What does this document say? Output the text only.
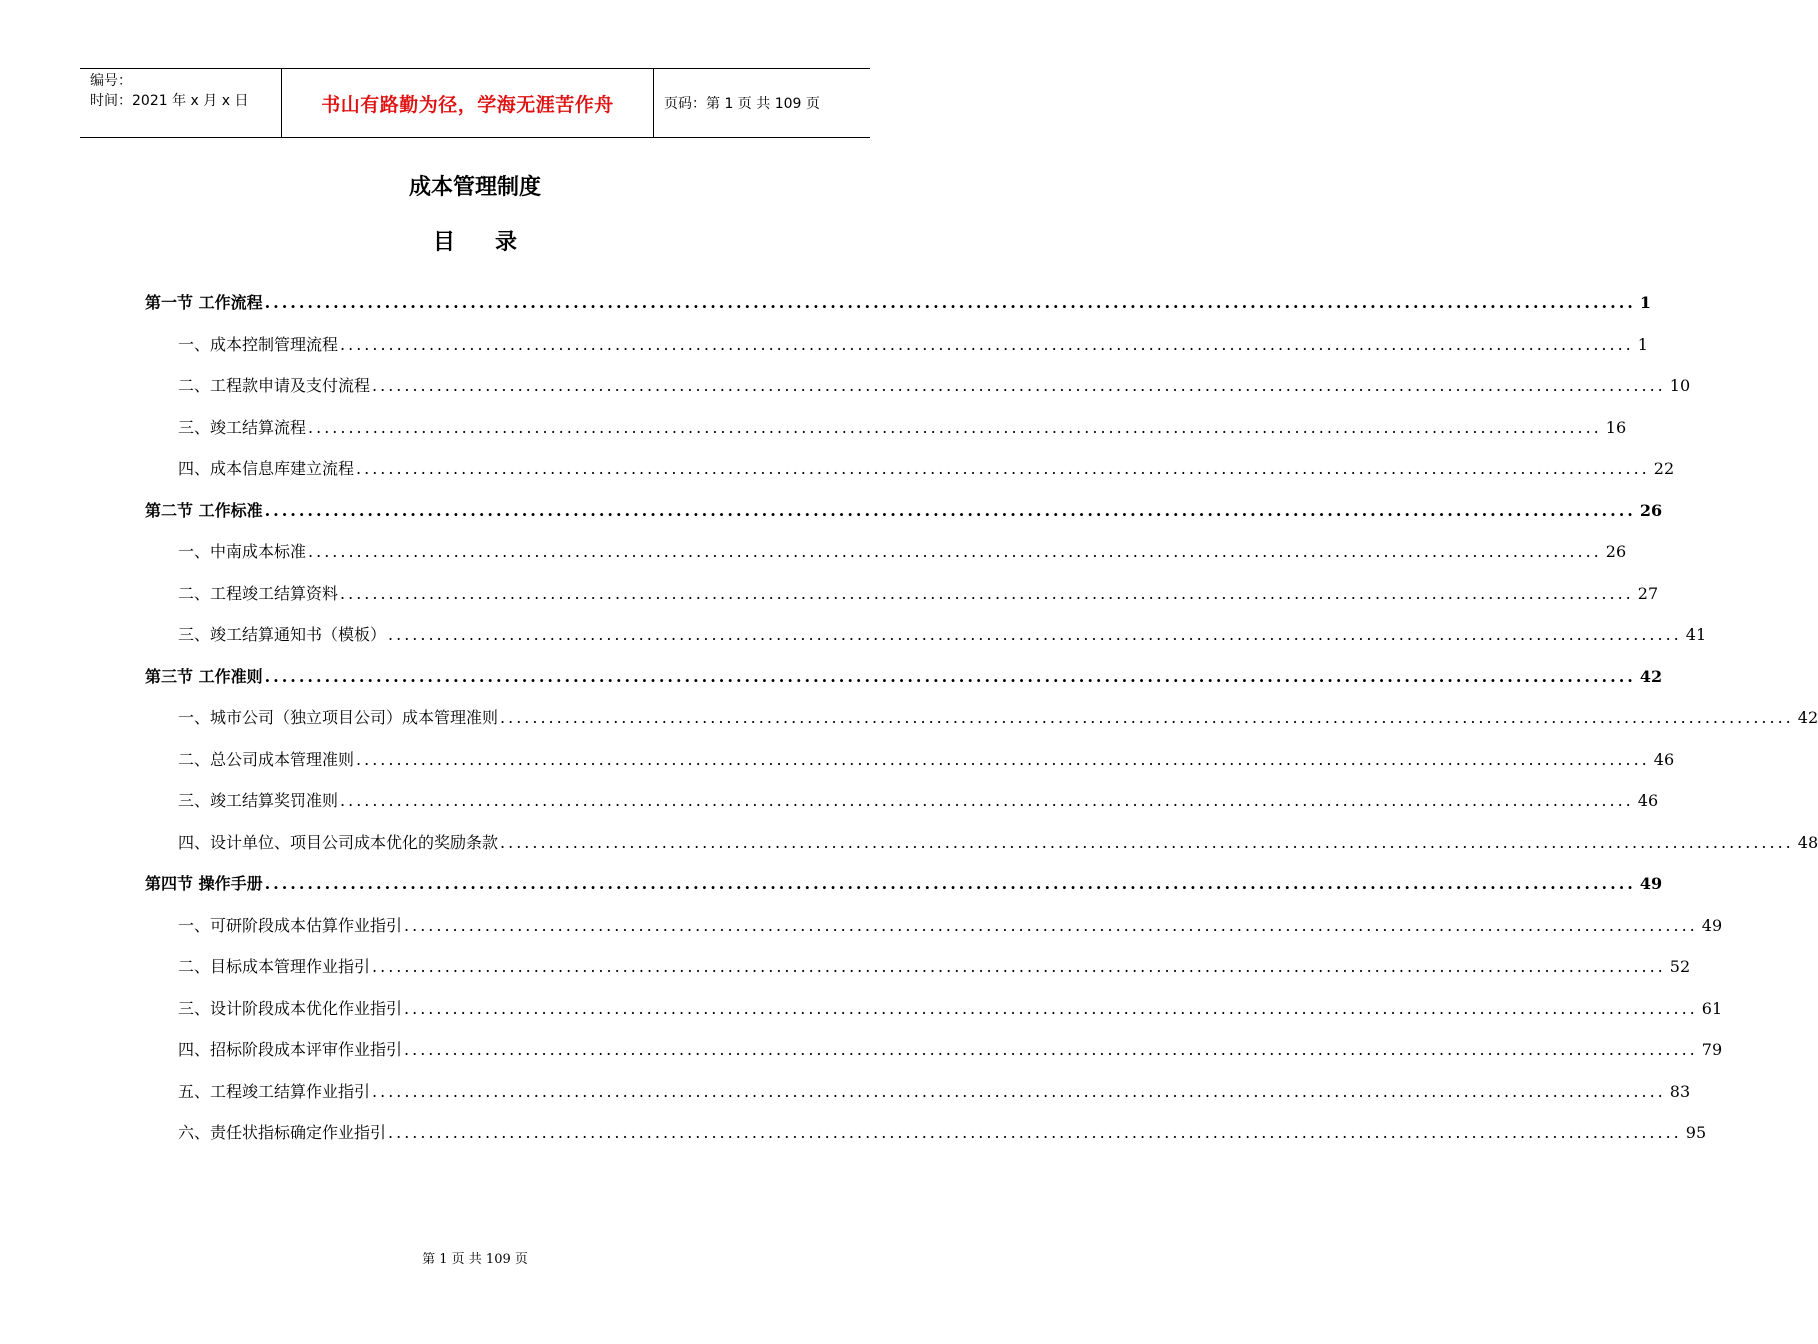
编号：
时间：2021 年 x 月 x 日	书山有路勤为径，学海无涯苦作舟	页码：第 1 页 共 109 页
成本管理制度
目录
第一节 工作流程 ................................................................................................................................................................ 1
一、成本控制管理流程 ................................................................................................................................................................ 1
二、工程款申请及支付流程 ................................................................................................................................................................ 10
三、竣工结算流程 ................................................................................................................................................................ 16
四、成本信息库建立流程 ................................................................................................................................................................ 22
第二节 工作标准 ................................................................................................................................................................ 26
一、中南成本标准 ................................................................................................................................................................ 26
二、工程竣工结算资料 ................................................................................................................................................................ 27
三、竣工结算通知书（模板） ................................................................................................................................................................ 41
第三节 工作准则 ................................................................................................................................................................ 42
一、城市公司（独立项目公司）成本管理准则 ................................................................................................................................................................ 42
二、总公司成本管理准则 ................................................................................................................................................................ 46
三、竣工结算奖罚准则 ................................................................................................................................................................ 46
四、设计单位、项目公司成本优化的奖励条款 ................................................................................................................................................................ 48
第四节 操作手册 ................................................................................................................................................................ 49
一、可研阶段成本估算作业指引 ................................................................................................................................................................ 49
二、目标成本管理作业指引 ................................................................................................................................................................ 52
三、设计阶段成本优化作业指引 ................................................................................................................................................................ 61
四、招标阶段成本评审作业指引 ................................................................................................................................................................ 79
五、工程竣工结算作业指引 ................................................................................................................................................................ 83
六、责任状指标确定作业指引 ................................................................................................................................................................ 95
第 1 页 共 109 页
